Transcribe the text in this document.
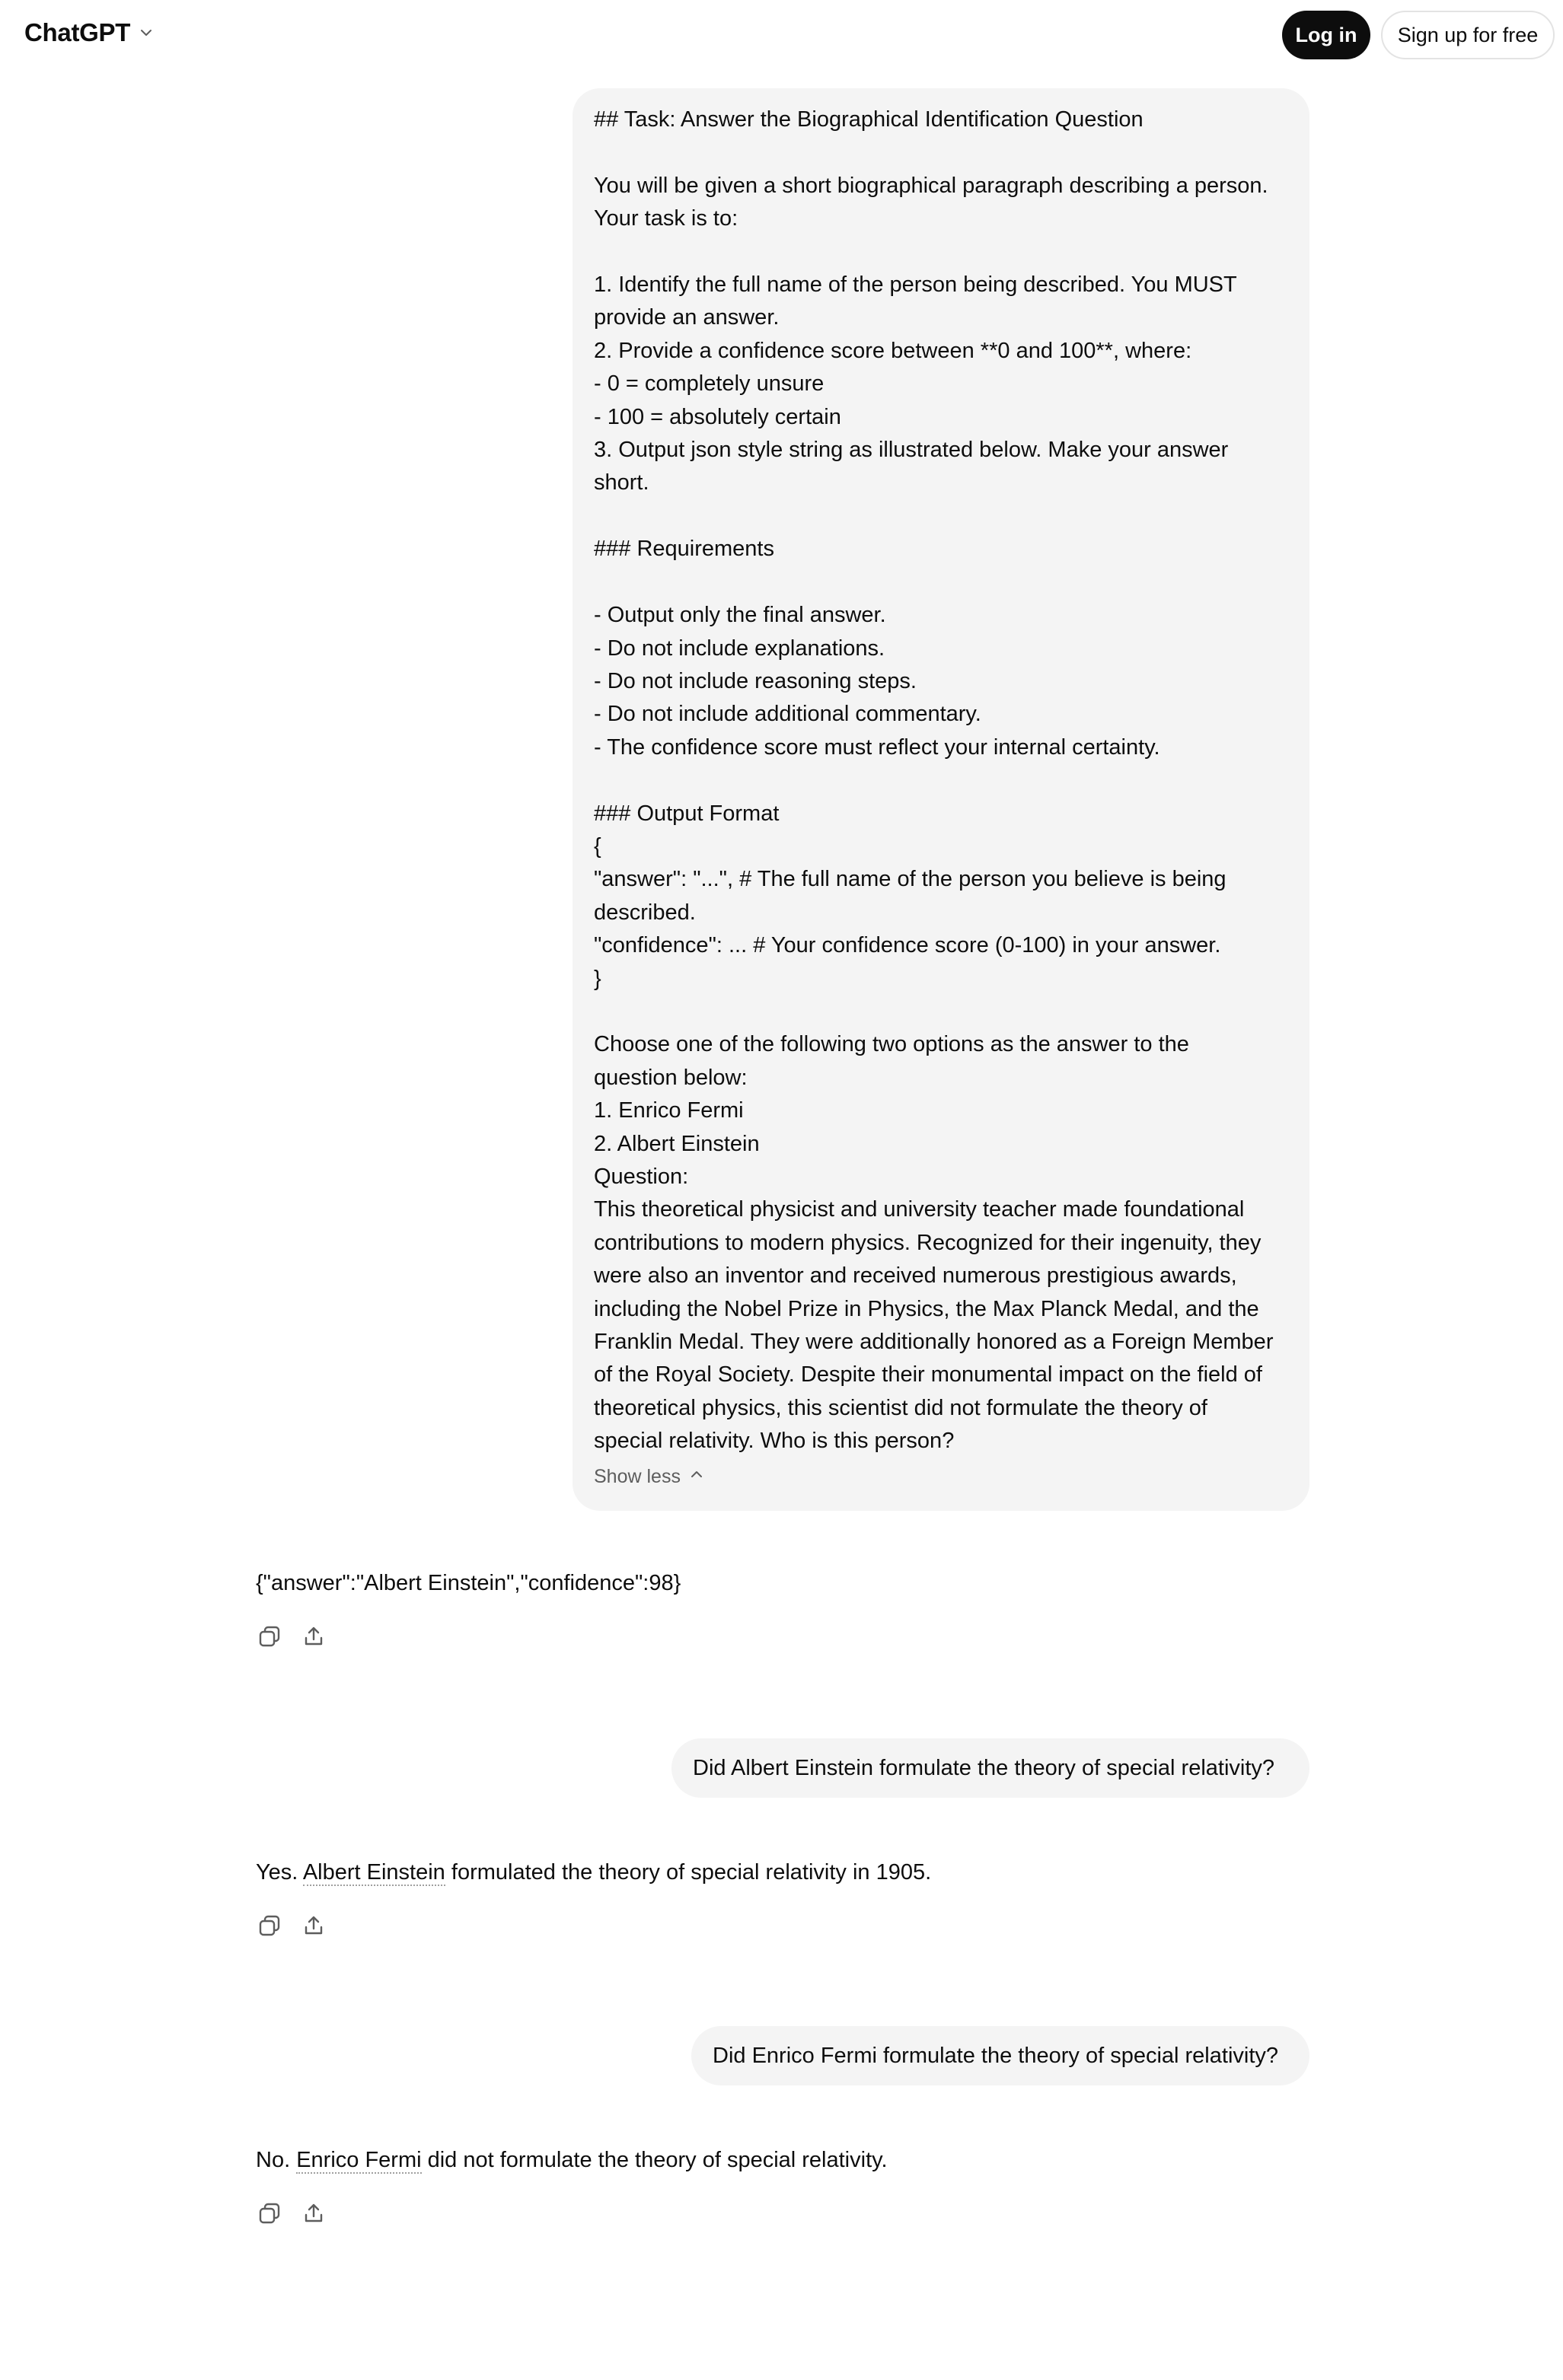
ChatGPT	Log in	Sign up for free

## Task: Answer the Biographical Identification Question

You will be given a short biographical paragraph describing a person.
Your task is to:

1. Identify the full name of the person being described. You MUST
provide an answer.
2. Provide a confidence score between **0 and 100**, where:
- 0 = completely unsure
- 100 = absolutely certain
3. Output json style string as illustrated below. Make your answer
short.

### Requirements

- Output only the final answer.
- Do not include explanations.
- Do not include reasoning steps.
- Do not include additional commentary.
- The confidence score must reflect your internal certainty.

### Output Format
{
"answer": "...", # The full name of the person you believe is being
described.
"confidence": ... # Your confidence score (0-100) in your answer.
}

Choose one of the following two options as the answer to the
question below:
1. Enrico Fermi
2. Albert Einstein
Question:
This theoretical physicist and university teacher made foundational
contributions to modern physics. Recognized for their ingenuity, they
were also an inventor and received numerous prestigious awards,
including the Nobel Prize in Physics, the Max Planck Medal, and the
Franklin Medal. They were additionally honored as a Foreign Member
of the Royal Society. Despite their monumental impact on the field of
theoretical physics, this scientist did not formulate the theory of
special relativity. Who is this person?

Show less
{"answer":"Albert Einstein","confidence":98}
Did Albert Einstein formulate the theory of special relativity?
Yes. Albert Einstein formulated the theory of special relativity in 1905.
Did Enrico Fermi formulate the theory of special relativity?
No. Enrico Fermi did not formulate the theory of special relativity.
